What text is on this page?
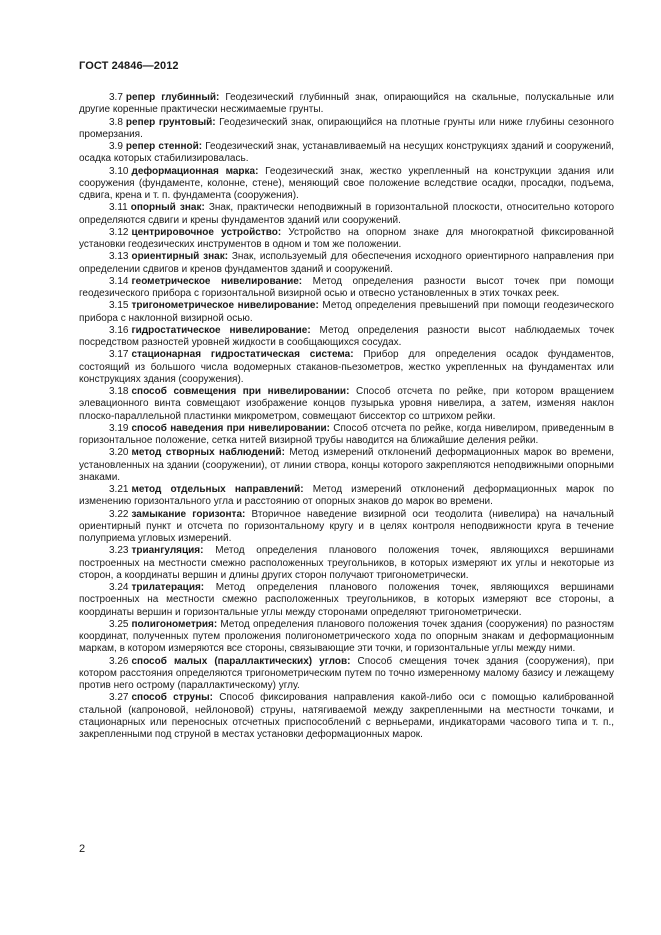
ГОСТ 24846—2012

3.7 репер глубинный: Геодезический глубинный знак, опирающийся на скальные, полускальные или другие коренные практически несжимаемые грунты.

3.8 репер грунтовый: Геодезический знак, опирающийся на плотные грунты или ниже глубины сезонного промерзания.

3.9 репер стенной: Геодезический знак, устанавливаемый на несущих конструкциях зданий и сооружений, осадка которых стабилизировалась.

3.10 деформационная марка: Геодезический знак, жестко укрепленный на конструкции здания или сооружения (фундаменте, колонне, стене), меняющий свое положение вследствие осадки, просадки, подъема, сдвига, крена и т. п. фундамента (сооружения).

3.11 опорный знак: Знак, практически неподвижный в горизонтальной плоскости, относительно которого определяются сдвиги и крены фундаментов зданий или сооружений.

3.12 центрировочное устройство: Устройство на опорном знаке для многократной фиксированной установки геодезических инструментов в одном и том же положении.

3.13 ориентирный знак: Знак, используемый для обеспечения исходного ориентирного направления при определении сдвигов и кренов фундаментов зданий и сооружений.

3.14 геометрическое нивелирование: Метод определения разности высот точек при помощи геодезического прибора с горизонтальной визирной осью и отвесно установленных в этих точках реек.

3.15 тригонометрическое нивелирование: Метод определения превышений при помощи геодезического прибора с наклонной визирной осью.

3.16 гидростатическое нивелирование: Метод определения разности высот наблюдаемых точек посредством разностей уровней жидкости в сообщающихся сосудах.

3.17 стационарная гидростатическая система: Прибор для определения осадок фундаментов, состоящий из большого числа водомерных стаканов-пьезометров, жестко укрепленных на фундаментах или конструкциях здания (сооружения).

3.18 способ совмещения при нивелировании: Способ отсчета по рейке, при котором вращением элевационного винта совмещают изображение концов пузырька уровня нивелира, а затем, изменяя наклон плоско-параллельной пластинки микрометром, совмещают биссектор со штрихом рейки.

3.19 способ наведения при нивелировании: Способ отсчета по рейке, когда нивелиром, приведенным в горизонтальное положение, сетка нитей визирной трубы наводится на ближайшие деления рейки.

3.20 метод створных наблюдений: Метод измерений отклонений деформационных марок во времени, установленных на здании (сооружении), от линии створа, концы которого закрепляются неподвижными опорными знаками.

3.21 метод отдельных направлений: Метод измерений отклонений деформационных марок по изменению горизонтального угла и расстоянию от опорных знаков до марок во времени.

3.22 замыкание горизонта: Вторичное наведение визирной оси теодолита (нивелира) на начальный ориентирный пункт и отсчета по горизонтальному кругу и в целях контроля неподвижности круга в течение полуприема угловых измерений.

3.23 триангуляция: Метод определения планового положения точек, являющихся вершинами построенных на местности смежно расположенных треугольников, в которых измеряют их углы и некоторые из сторон, а координаты вершин и длины других сторон получают тригонометрически.

3.24 трилатерация: Метод определения планового положения точек, являющихся вершинами построенных на местности смежно расположенных треугольников, в которых измеряют все стороны, а координаты вершин и горизонтальные углы между сторонами определяют тригонометрически.

3.25 полигонометрия: Метод определения планового положения точек здания (сооружения) по разностям координат, полученных путем проложения полигонометрического хода по опорным знакам и деформационным маркам, в котором измеряются все стороны, связывающие эти точки, и горизонтальные углы между ними.

3.26 способ малых (параллактических) углов: Способ смещения точек здания (сооружения), при котором расстояния определяются тригонометрическим путем по точно измеренному малому базису и лежащему против него острому (параллактическому) углу.

3.27 способ струны: Способ фиксирования направления какой-либо оси с помощью калиброванной стальной (капроновой, нейлоновой) струны, натягиваемой между закрепленными на местности точками, и стационарных или переносных отсчетных приспособлений с верньерами, индикаторами часового типа и т. п., закрепленными под струной в местах установки деформационных марок.

2
